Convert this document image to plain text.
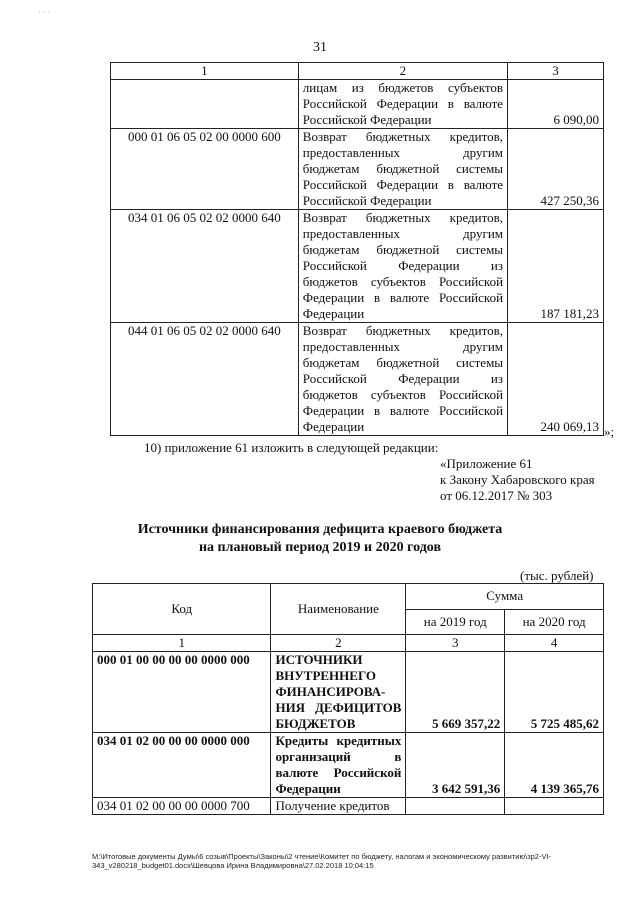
· · ·
31
1	2	3
	лицам из бюджетов субъектов Российской Федерации в валюте Российской Федерации	6 090,00
000 01 06 05 02 00 0000 600	Возврат бюджетных кредитов, предоставленных другим бюджетам бюджетной системы Российской Федерации в валюте Российской Федерации	427 250,36
034 01 06 05 02 02 0000 640	Возврат бюджетных кредитов, предоставленных другим бюджетам бюджетной системы Российской Федерации из бюджетов субъектов Российской Федерации в валюте Российской Федерации	187 181,23
044 01 06 05 02 02 0000 640	Возврат бюджетных кредитов, предоставленных другим бюджетам бюджетной системы Российской Федерации из бюджетов субъектов Российской Федерации в валюте Российской Федерации	240 069,13 »;
10) приложение 61 изложить в следующей редакции:
«Приложение 61
к Закону Хабаровского края
от 06.12.2017 № 303
Источники финансирования дефицита краевого бюджета
на плановый период 2019 и 2020 годов
(тыс. рублей)
Код	Наименование	Сумма	
		на 2019 год	на 2020 год
1	2	3	4
000 01 00 00 00 00 0000 000	ИСТОЧНИКИ ВНУТРЕННЕГО ФИНАНСИРОВА-НИЯ ДЕФИЦИТОВ БЮДЖЕТОВ	5 669 357,22	5 725 485,62
034 01 02 00 00 00 0000 000	Кредиты кредитных организаций в валюте Российской Федерации	3 642 591,36	4 139 365,76
034 01 02 00 00 00 0000 700	Получение кредитов		
M:\Итоговые документы Думы\6 созыв\Проекты\Законы\2 чтение\Комитет по бюджету, налогам и экономическому развитию\зр2-VI-
343_v280218_budget01.docx\Шевцова Ирина Владимировна\27.02.2018 10:04:15
